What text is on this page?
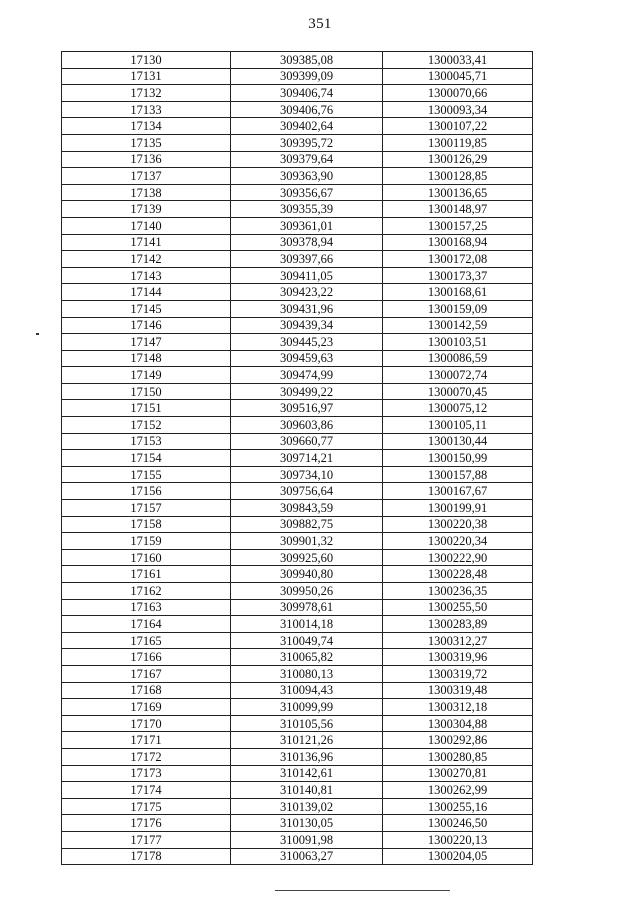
351
17130	309385,08	1300033,41
17131	309399,09	1300045,71
17132	309406,74	1300070,66
17133	309406,76	1300093,34
17134	309402,64	1300107,22
17135	309395,72	1300119,85
17136	309379,64	1300126,29
17137	309363,90	1300128,85
17138	309356,67	1300136,65
17139	309355,39	1300148,97
17140	309361,01	1300157,25
17141	309378,94	1300168,94
17142	309397,66	1300172,08
17143	309411,05	1300173,37
17144	309423,22	1300168,61
17145	309431,96	1300159,09
17146	309439,34	1300142,59
17147	309445,23	1300103,51
17148	309459,63	1300086,59
17149	309474,99	1300072,74
17150	309499,22	1300070,45
17151	309516,97	1300075,12
17152	309603,86	1300105,11
17153	309660,77	1300130,44
17154	309714,21	1300150,99
17155	309734,10	1300157,88
17156	309756,64	1300167,67
17157	309843,59	1300199,91
17158	309882,75	1300220,38
17159	309901,32	1300220,34
17160	309925,60	1300222,90
17161	309940,80	1300228,48
17162	309950,26	1300236,35
17163	309978,61	1300255,50
17164	310014,18	1300283,89
17165	310049,74	1300312,27
17166	310065,82	1300319,96
17167	310080,13	1300319,72
17168	310094,43	1300319,48
17169	310099,99	1300312,18
17170	310105,56	1300304,88
17171	310121,26	1300292,86
17172	310136,96	1300280,85
17173	310142,61	1300270,81
17174	310140,81	1300262,99
17175	310139,02	1300255,16
17176	310130,05	1300246,50
17177	310091,98	1300220,13
17178	310063,27	1300204,05
